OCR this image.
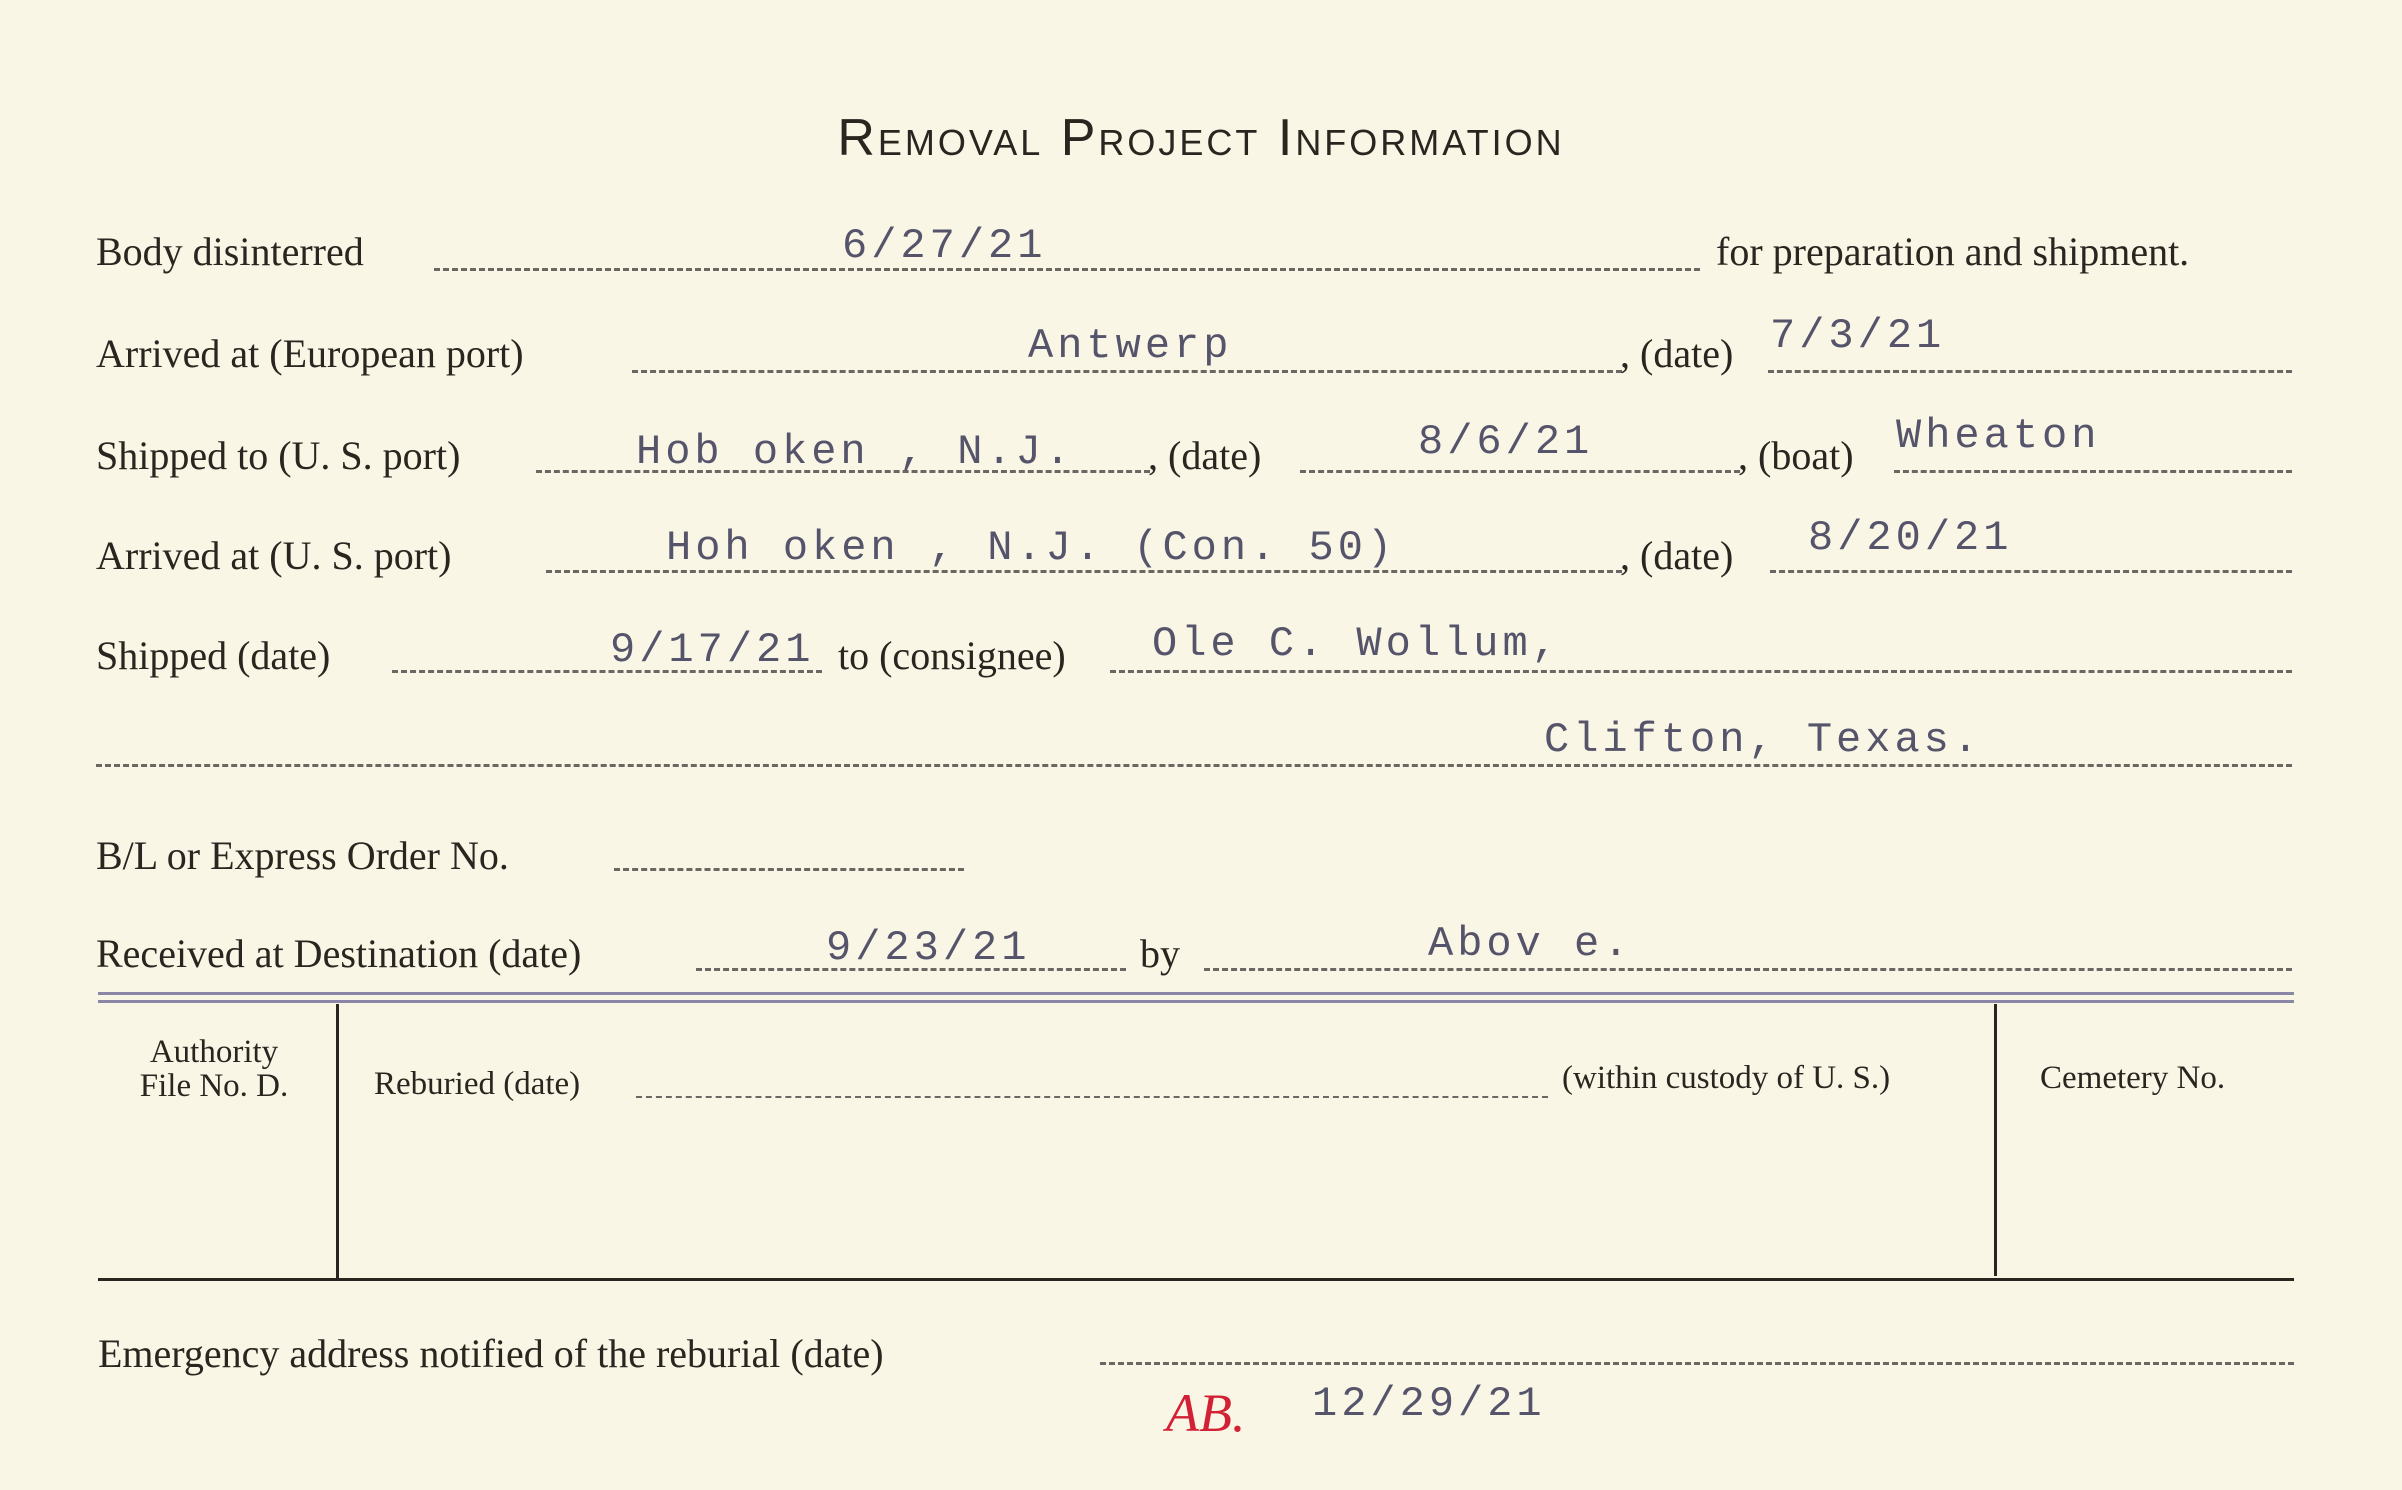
Removal Project Information
Body disinterred	6/27/21	for preparation and shipment.
Arrived at (European port)	Antwerp	, (date) 7/3/21
Shipped to (U. S. port)	Hob oken , N.J. , (date)	8/6/21	, (boat) Wheaton
Arrived at (U. S. port)	Hoh oken , N.J. (Con. 50)	, (date) 8/20/21
Shipped (date)	9/17/21 to (consignee) Ole C. Wollum,
Clifton, Texas.
B/L or Express Order No.
Received at Destination (date)	9/23/21	by	Abov e.
Authority
File No. D.	Reburied (date)	(within custody of U. S.)	Cemetery No.
Emergency address notified of the reburial (date)
AB. 12/29/21
